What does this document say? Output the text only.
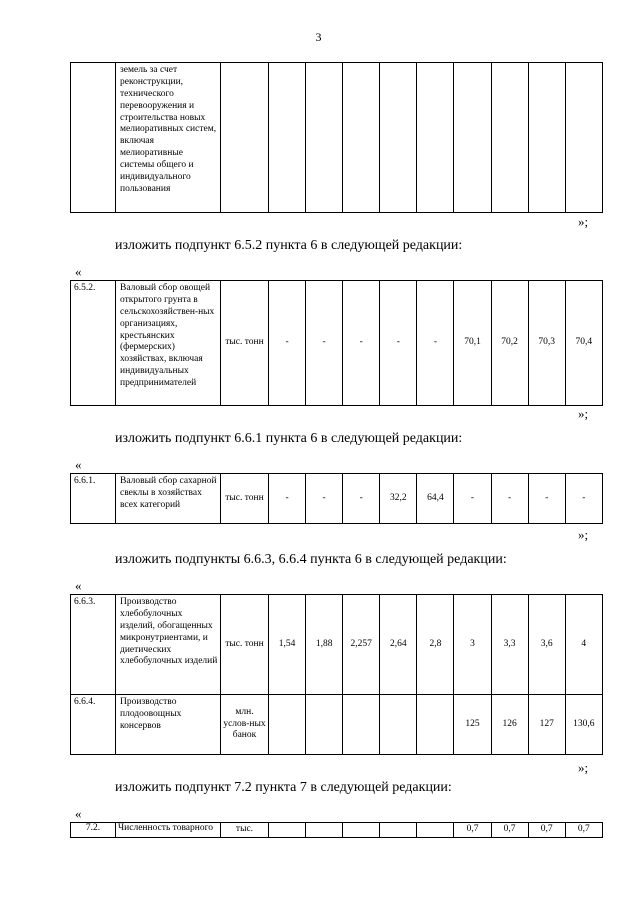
3
	земель за счет реконструкции, технического перевооружения и строительства новых мелиоративных систем, включая мелиоративные системы общего и индивидуального пользования										
»;
изложить подпункт 6.5.2 пункта 6 в следующей редакции:
«
6.5.2.	Валовый сбор овощей открытого грунта в сельскохозяйствен-ных организациях, крестьянских (фермерских) хозяйствах, включая индивидуальных предпринимателей	тыс. тонн	-	-	-	-	-	70,1	70,2	70,3	70,4
»;
изложить подпункт 6.6.1 пункта 6 в следующей редакции:
«
6.6.1.	Валовый сбор сахарной свеклы в хозяйствах всех категорий	тыс. тонн	-	-	-	32,2	64,4	-	-	-	-
»;
изложить подпункты 6.6.3, 6.6.4 пункта 6 в следующей редакции:
«
6.6.3.	Производство хлебобулочных изделий, обогащенных микронутриентами, и диетических хлебобулочных изделий	тыс. тонн	1,54	1,88	2,257	2,64	2,8	3	3,3	3,6	4
6.6.4.	Производство плодоовощных консервов	млн. услов-ных банок						125	126	127	130,6
»;
изложить подпункт 7.2 пункта 7 в следующей редакции:
«
7.2.	Численность товарного	тыс.						0,7	0,7	0,7	0,7
